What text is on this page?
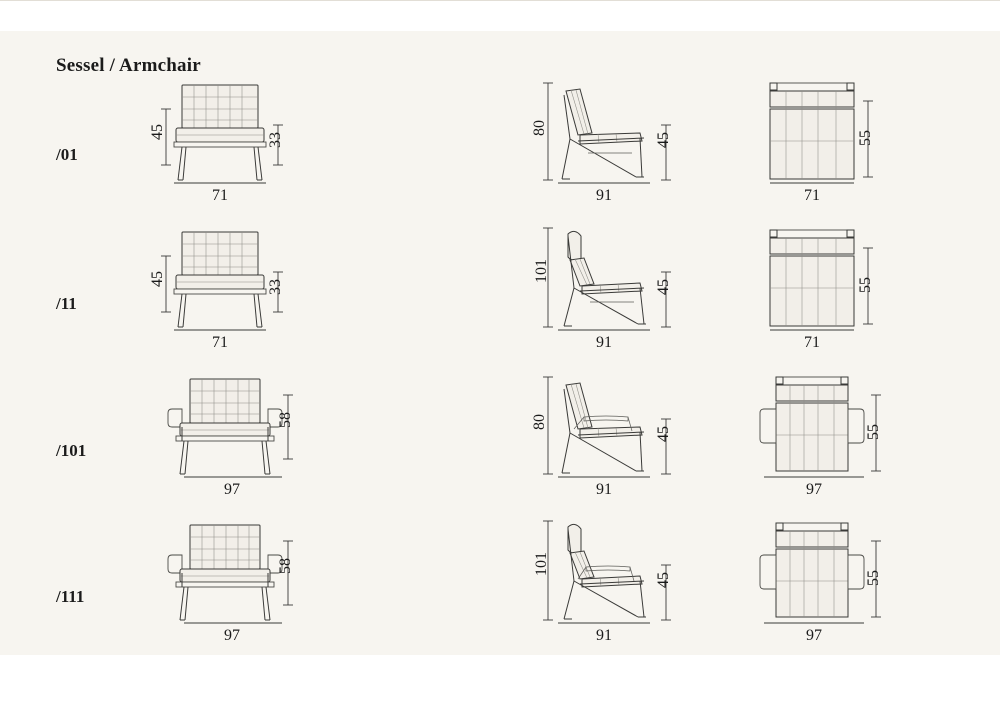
Sessel / Armchair
/01
45	33
71
80
45
91
55
71
/11
45	33
71
101
45
91
55
71
/101
58
97
80
45
91
55
97
/111
58
97
101
45
91
55
97
